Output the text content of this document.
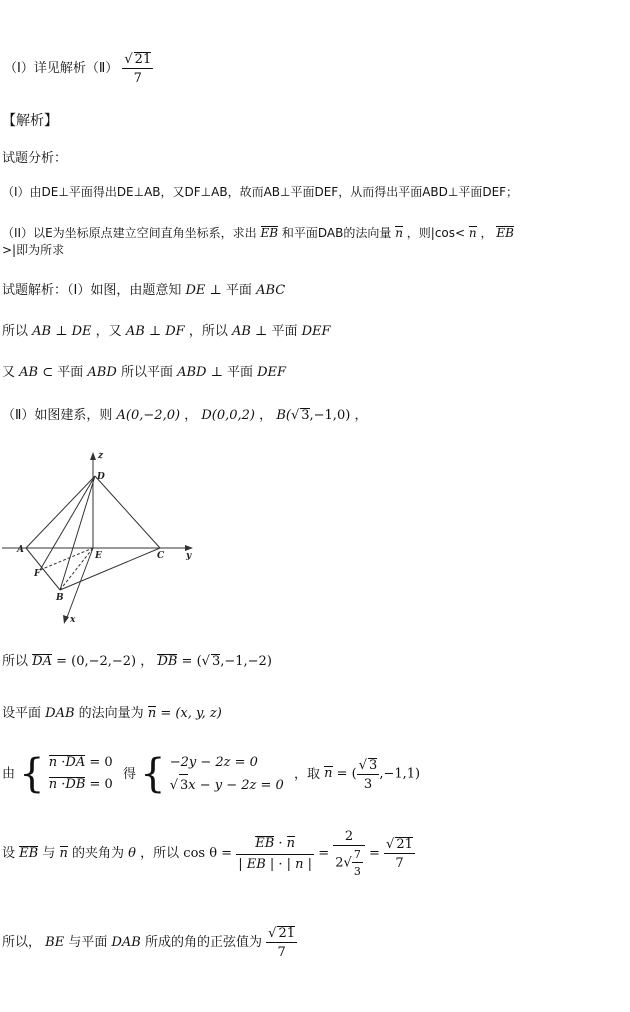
（Ⅰ）详见解析（Ⅱ） $\frac{√ 21}{7}$
【解析】
试题分析：
（I）由DE⊥平面得出DE⊥AB，又DF⊥AB，故而AB⊥平面DEF，从而得出平面ABD⊥平面DEF；
（II）以E为坐标原点建立空间直角坐标系，求出 EB 和平面DAB的法向量 n ，则|cos< n ， EB
>|即为所求
试题解析：（Ⅰ）如图，由题意知 DE ⊥ 平面 ABC
所以 AB ⊥ DE ，又 AB ⊥ DF ，所以 AB ⊥ 平面 DEF
又 AB ⊂ 平面 ABD 所以平面 ABD ⊥ 平面 DEF
（Ⅱ）如图建系，则 A(0,−2,0) ， D(0,0,2) ， B(√ 3,−1,0) ，
z
D
A
E	C y
F
B
x
所以 DA = (0,−2,−2) ， DB = (√ 3,−1,−2)
设平面 DAB 的法向量为 n = (x, y, z)
由 { n ·DA = 0
n ·DB = 0
得 { −2y − 2z = 0
√ 3x − y − 2z = 0
，取 n = ( $\frac{√ 3}{3} ,-1,1$)
设 EB 与 n 的夹角为 θ ，所以 $\cos \theta = \frac{EB \cdot n}{| EB | \cdot | n |} = \frac{2}{2√ \frac{7}{3}} = \frac{√ 21}{7}$
所以， BE 与平面 DAB 所成的角的正弦值为 $\frac{√ 21}{7}$
